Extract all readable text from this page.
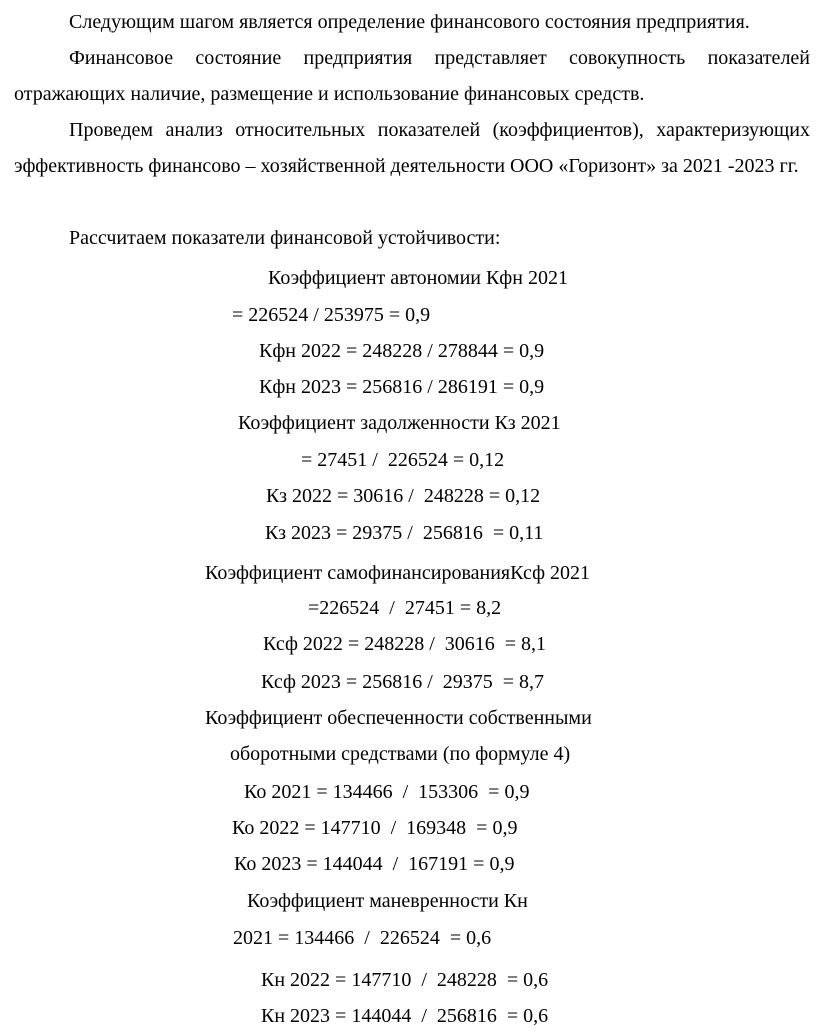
Следующим шагом является определение финансового состояния предприятия.

Финансовое состояние предприятия представляет совокупность показателей отражающих наличие, размещение и использование финансовых средств.

Проведем анализ относительных показателей (коэффициентов), характеризующих эффективность финансово – хозяйственной деятельности ООО «Горизонт» за 2021 -2023 гг.

Рассчитаем показатели финансовой устойчивости:

Коэффициент автономии Кфн 2021
= 226524 / 253975 = 0,9
Кфн 2022 = 248228 / 278844 = 0,9
Кфн 2023 = 256816 / 286191 = 0,9
Коэффициент задолженности Кз 2021
= 27451 /  226524 = 0,12
Кз 2022 = 30616 /  248228 = 0,12
Кз 2023 = 29375 /  256816  = 0,11
Коэффициент самофинансированияКсф 2021
=226524  /  27451 = 8,2
Ксф 2022 = 248228 /  30616  = 8,1
Ксф 2023 = 256816 /  29375  = 8,7
Коэффициент обеспеченности собственными
оборотными средствами (по формуле 4)
Ко 2021 = 134466  /  153306  = 0,9
Ко 2022 = 147710  /  169348  = 0,9
Ко 2023 = 144044  /  167191 = 0,9
Коэффициент маневренности Кн
2021 = 134466  /  226524  = 0,6
Кн 2022 = 147710  /  248228  = 0,6
Кн 2023 = 144044  /  256816  = 0,6
